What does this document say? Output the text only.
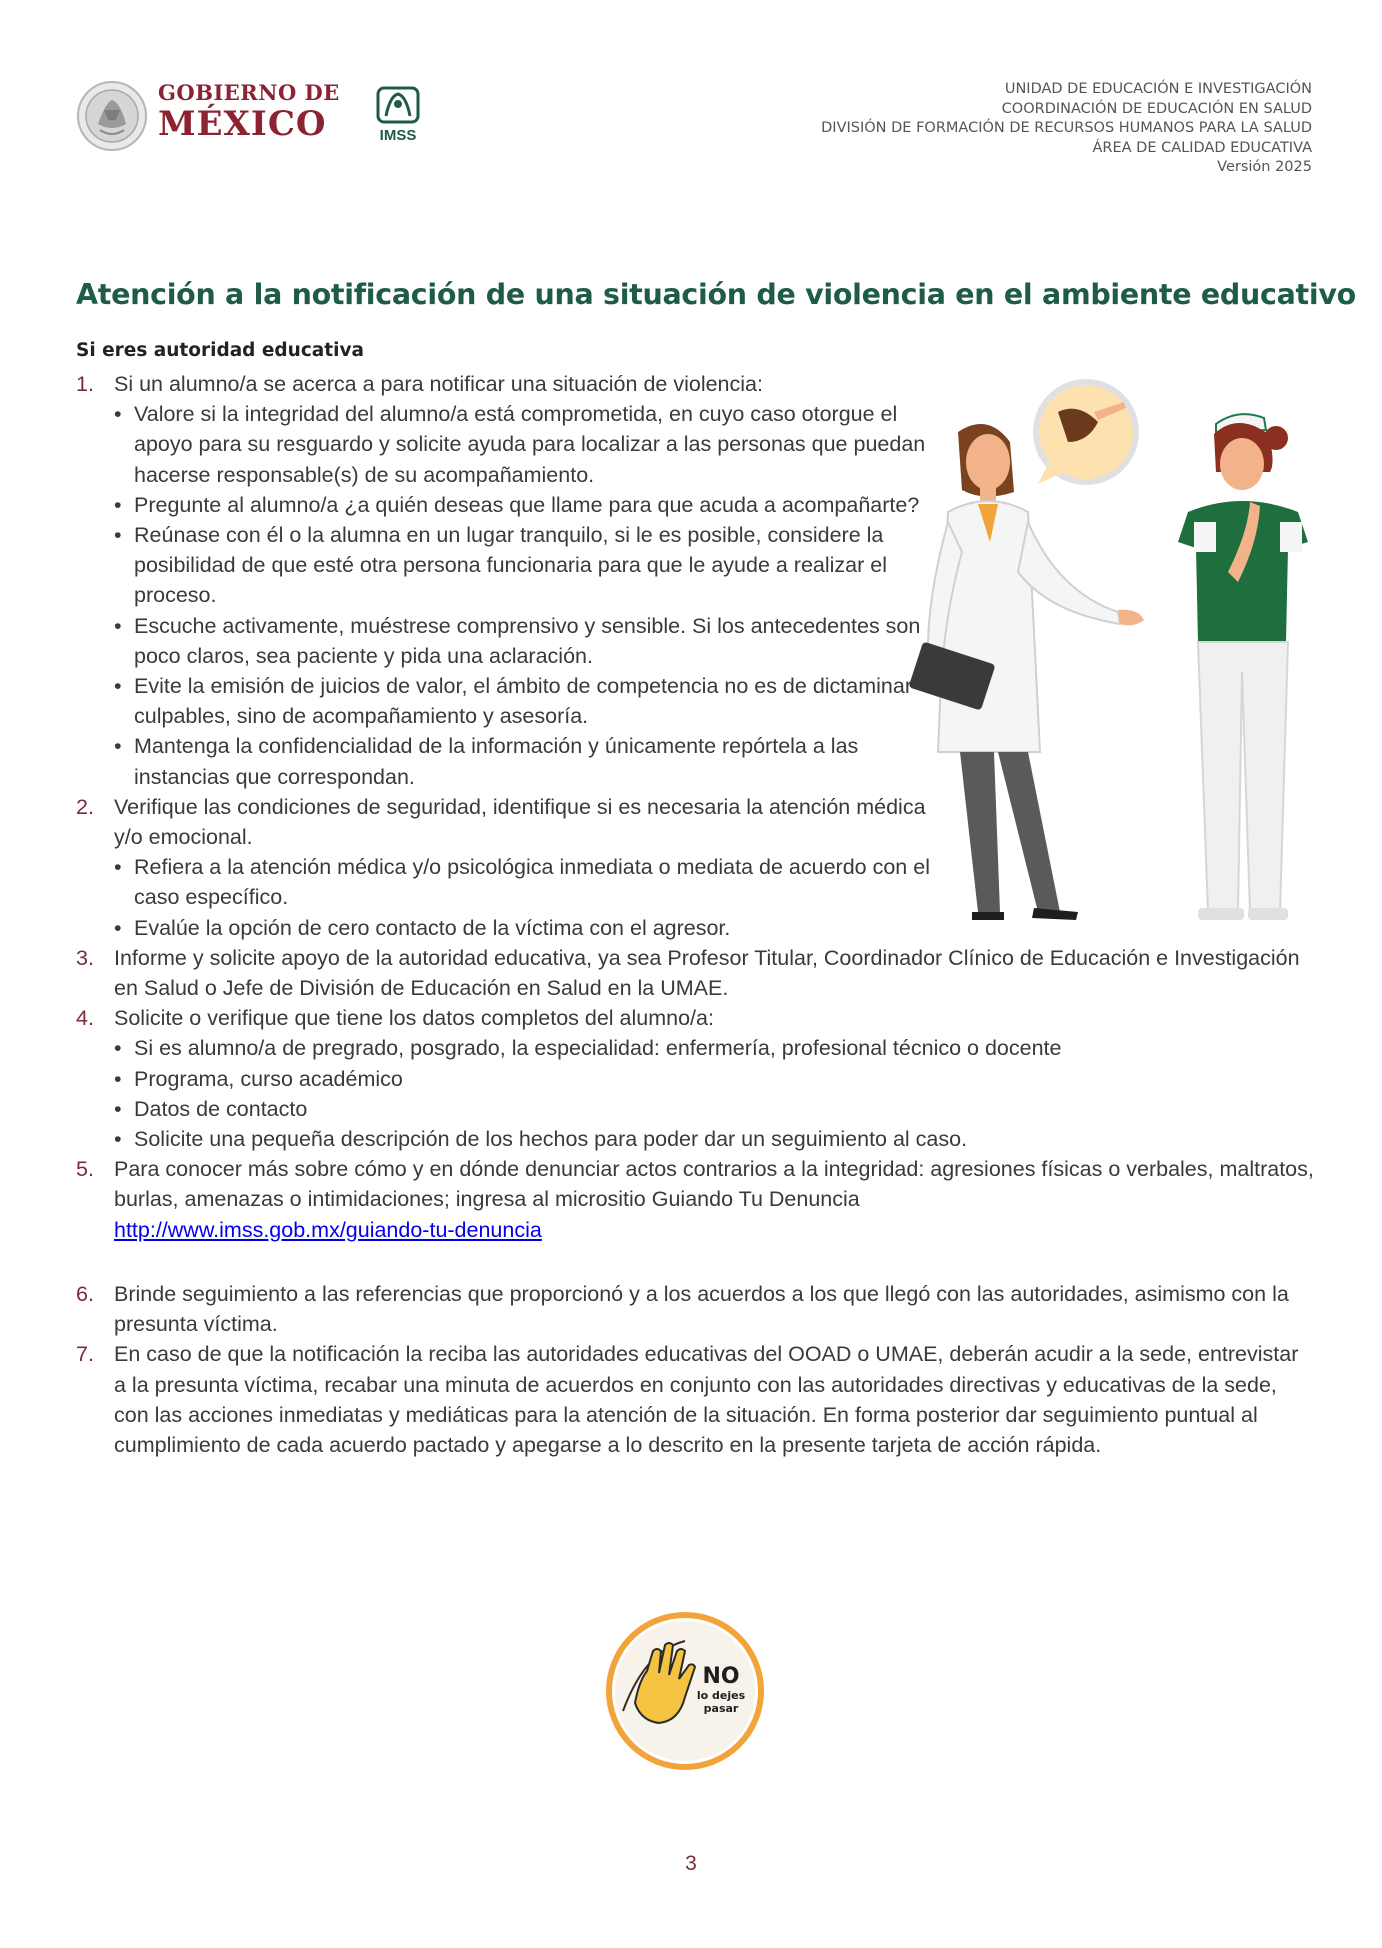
GOBIERNO DE
MÉXICO	IMSS
UNIDAD DE EDUCACIÓN E INVESTIGACIÓN
COORDINACIÓN DE EDUCACIÓN EN SALUD
DIVISIÓN DE FORMACIÓN DE RECURSOS HUMANOS PARA LA SALUD
ÁREA DE CALIDAD EDUCATIVA
Versión 2025
Atención a la notificación de una situación de violencia en el ambiente educativo
Si eres autoridad educativa
1. Si un alumno/a se acerca a para notificar una situación de violencia:
• Valore si la integridad del alumno/a está comprometida, en cuyo caso otorgue el apoyo para su resguardo y solicite ayuda para localizar a las personas que puedan hacerse responsable(s) de su acompañamiento.
• Pregunte al alumno/a ¿a quién deseas que llame para que acuda a acompañarte?
• Reúnase con él o la alumna en un lugar tranquilo, si le es posible, considere la posibilidad de que esté otra persona funcionaria para que le ayude a realizar el proceso.
• Escuche activamente, muéstrese comprensivo y sensible. Si los antecedentes son poco claros, sea paciente y pida una aclaración.
• Evite la emisión de juicios de valor, el ámbito de competencia no es de dictaminar culpables, sino de acompañamiento y asesoría.
• Mantenga la confidencialidad de la información y únicamente repórtela a las instancias que correspondan.
2. Verifique las condiciones de seguridad, identifique si es necesaria la atención médica y/o emocional.
• Refiera a la atención médica y/o psicológica inmediata o mediata de acuerdo con el caso específico.
• Evalúe la opción de cero contacto de la víctima con el agresor.
3. Informe y solicite apoyo de la autoridad educativa, ya sea Profesor Titular, Coordinador Clínico de Educación e Investigación en Salud o Jefe de División de Educación en Salud en la UMAE.
4. Solicite o verifique que tiene los datos completos del alumno/a:
• Si es alumno/a de pregrado, posgrado, la especialidad: enfermería, profesional técnico o docente
• Programa, curso académico
• Datos de contacto
• Solicite una pequeña descripción de los hechos para poder dar un seguimiento al caso.
5. Para conocer más sobre cómo y en dónde denunciar actos contrarios a la integridad: agresiones físicas o verbales, maltratos, burlas, amenazas o intimidaciones; ingresa al micrositio Guiando Tu Denuncia
http://www.imss.gob.mx/guiando-tu-denuncia
6. Brinde seguimiento a las referencias que proporcionó y a los acuerdos a los que llegó con las autoridades, asimismo con la presunta víctima.
7. En caso de que la notificación la reciba las autoridades educativas del OOAD o UMAE, deberán acudir a la sede, entrevistar a la presunta víctima, recabar una minuta de acuerdos en conjunto con las autoridades directivas y educativas de la sede, con las acciones inmediatas y mediáticas para la atención de la situación. En forma posterior dar seguimiento puntual al cumplimiento de cada acuerdo pactado y apegarse a lo descrito en la presente tarjeta de acción rápida.
NO
lo dejes
pasar
3
